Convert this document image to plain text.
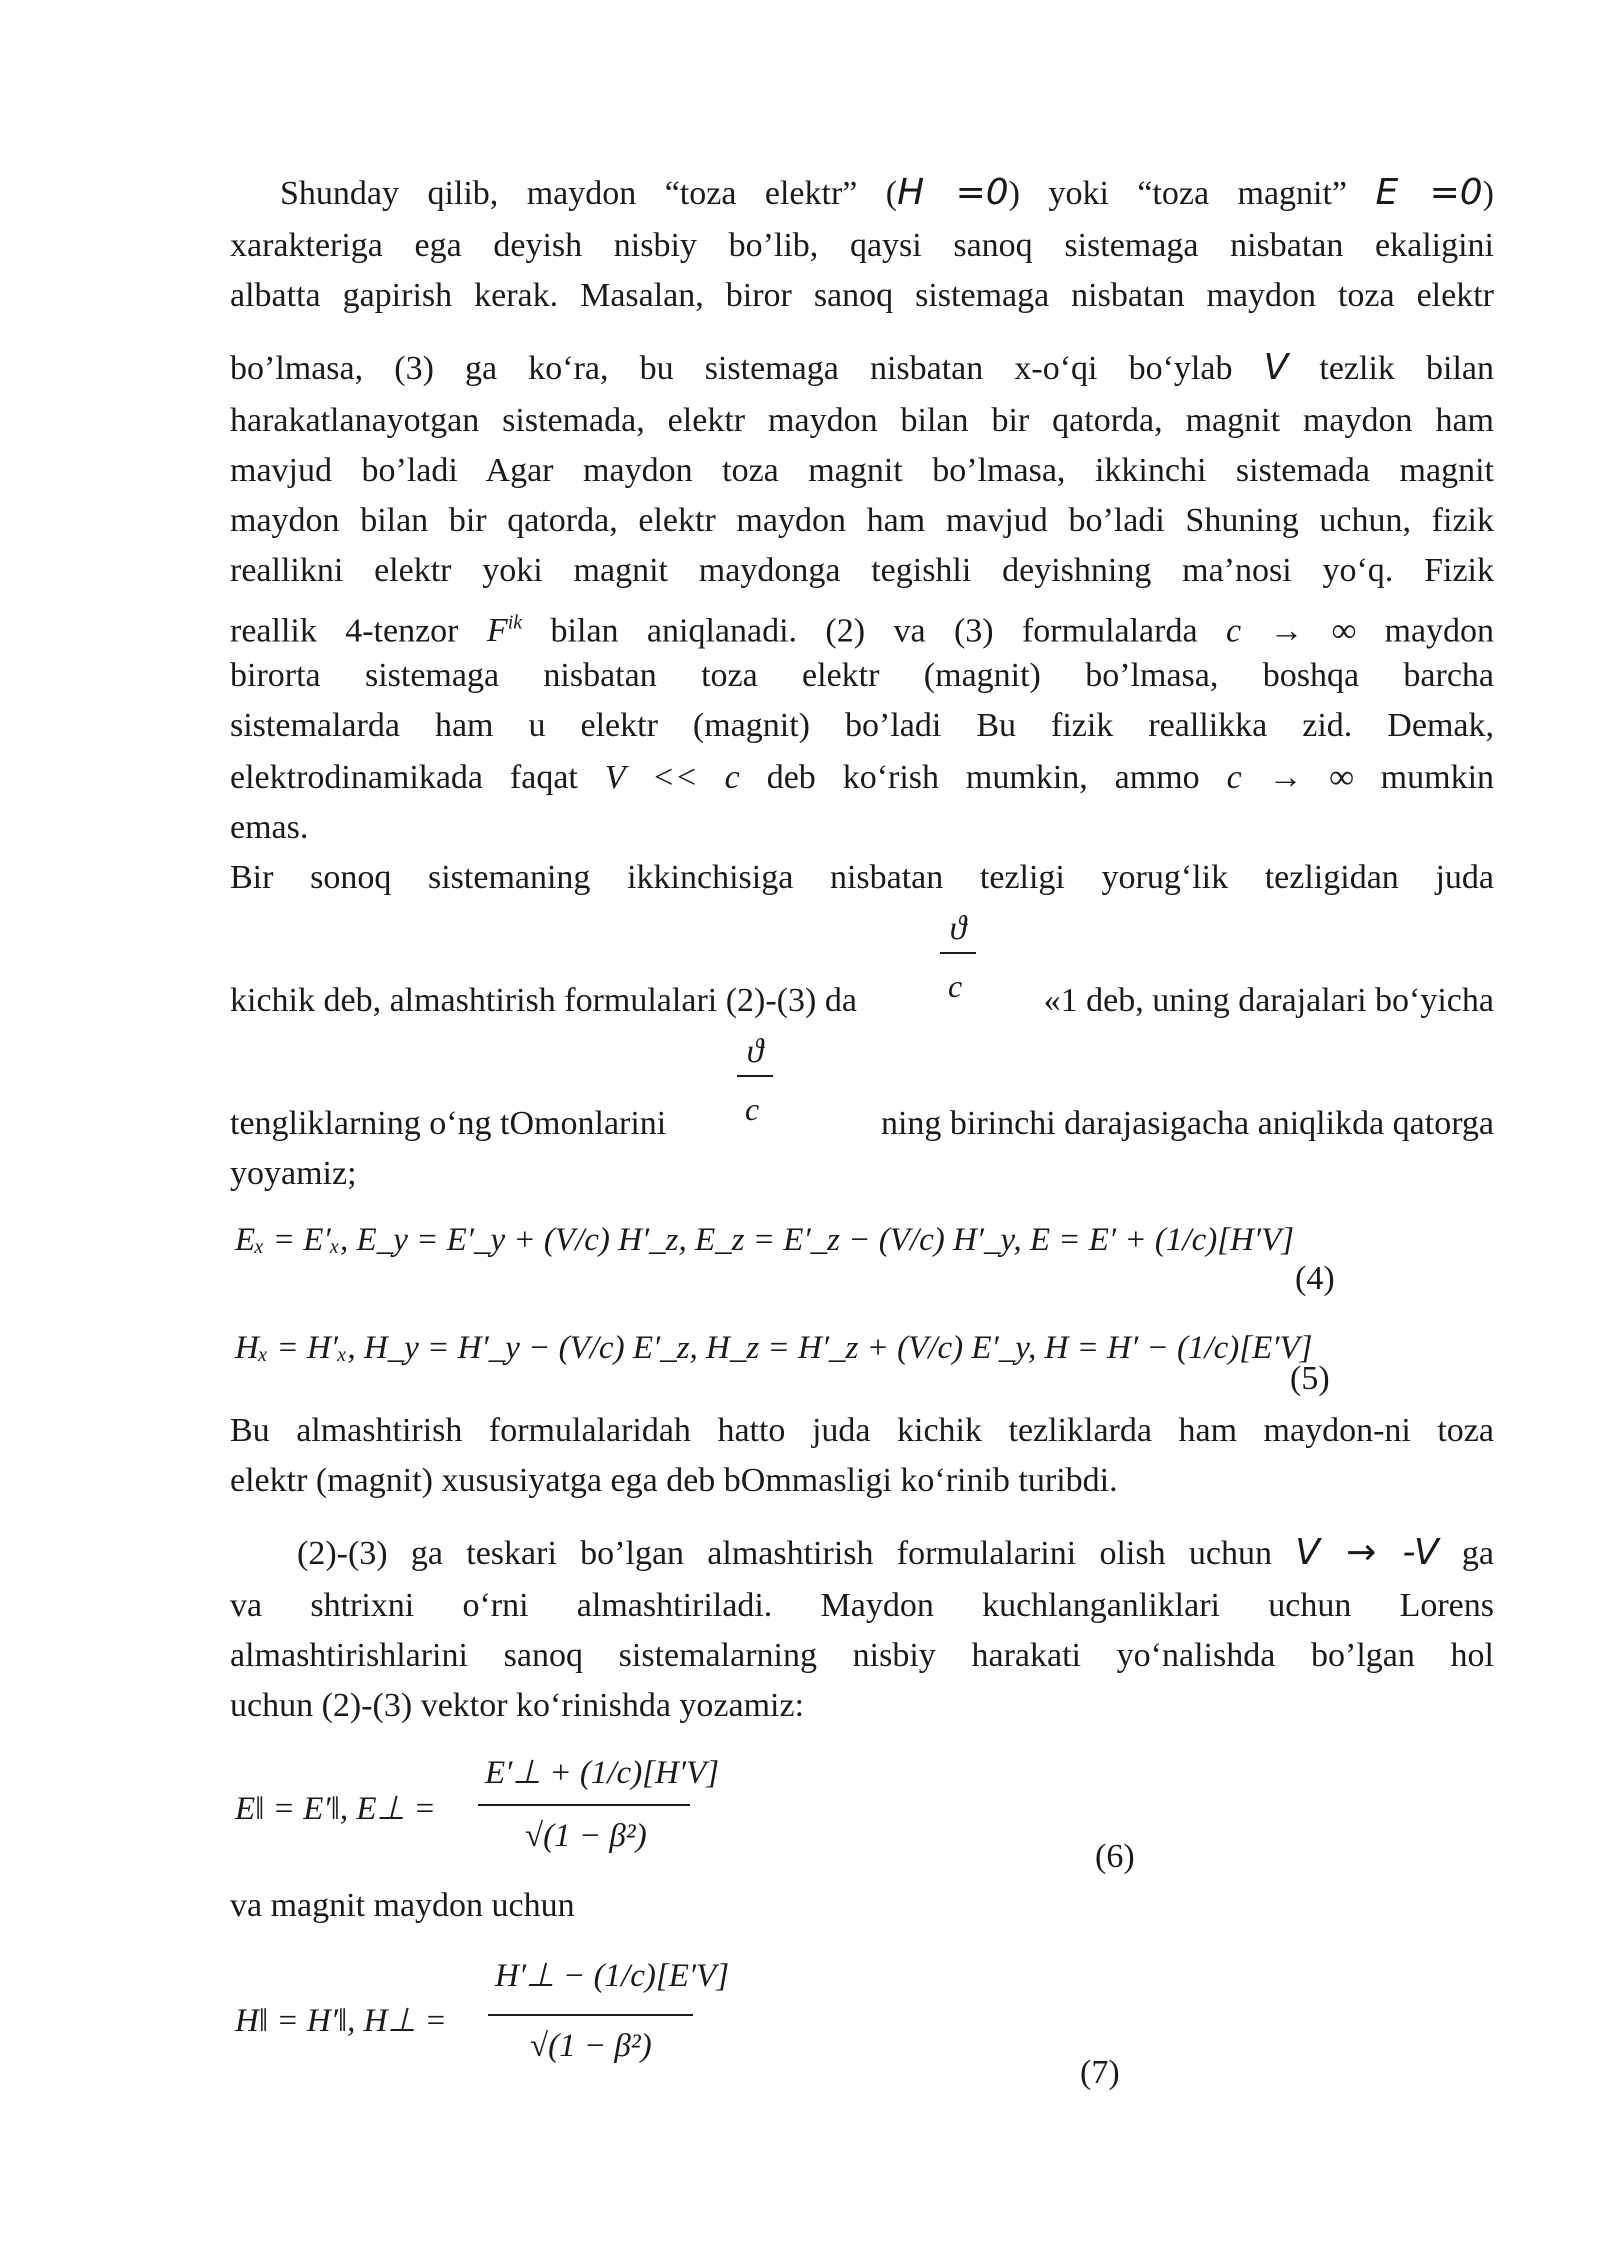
Shunday qilib, maydon “toza elektr” (H =0) yoki “toza magnit” E =0)
xarakteriga ega deyish nisbiy bo’lib, qaysi sanoq sistemaga nisbatan ekaligini
albatta gapirish kerak. Masalan, biror sanoq sistemaga nisbatan maydon toza elektr
bo’lmasa, (3) ga ko‘ra, bu sistemaga nisbatan x-o‘qi bo‘ylab V tezlik bilan
harakatlanayotgan sistemada, elektr maydon bilan bir qatorda, magnit maydon ham
mavjud bo’ladi Agar maydon toza magnit bo’lmasa, ikkinchi sistemada magnit
maydon bilan bir qatorda, elektr maydon ham mavjud bo’ladi Shuning uchun, fizik
reallikni elektr yoki magnit maydonga tegishli deyishning ma’nosi yo‘q. Fizik
reallik 4-tenzor $F^{ik}$ bilan aniqlanadi. (2) va (3) formulalarda c → ∞ maydon
birorta sistemaga nisbatan toza elektr (magnit) bo’lmasa, boshqa barcha
sistemalarda ham u elektr (magnit) bo’ladi Bu fizik reallikka zid. Demak,
elektrodinamikada faqat V << c deb ko‘rish mumkin, ammo c → ∞ mumkin
emas.
Bir sonoq sistemaning ikkinchisiga nisbatan tezligi yorug‘lik tezligidan juda
ϑ
kichik deb, almashtirish formulalari (2)-(3) da	c	«1 deb, uning darajalari bo‘yicha
ϑ
tengliklarning o‘ng tOmonlarini	c	ning birinchi darajasigacha aniqlikda qatorga
yoyamiz;
Eₓ = E′ₓ, E_y = E′_y + (V/c) H′_z, E_z = E′_z − (V/c) H′_y, E = E′ + (1/c)[H′V]
(4)
Hₓ = H′ₓ, H_y = H′_y − (V/c) E′_z, H_z = H′_z + (V/c) E′_y, H = H′ − (1/c)[E′V]
(5)
Bu almashtirish formulalaridah hatto juda kichik tezliklarda ham maydon-ni toza
elektr (magnit) xususiyatga ega deb bOmmasligi ko‘rinib turibdi.
(2)-(3) ga teskari bo’lgan almashtirish formulalarini olish uchun V → -V ga
va shtrixni o‘rni almashtiriladi. Maydon kuchlanganliklari uchun Lorens
almashtirishlarini sanoq sistemalarning nisbiy harakati yo‘nalishda bo’lgan hol
uchun (2)-(3) vektor ko‘rinishda yozamiz:
E‖ = E′‖, E⊥ =
E′⊥ + (1/c)[H′V]
√(1 − β²)
(6)
va magnit maydon uchun
H‖ = H′‖, H⊥ =
H′⊥ − (1/c)[E′V]
√(1 − β²)
(7)
